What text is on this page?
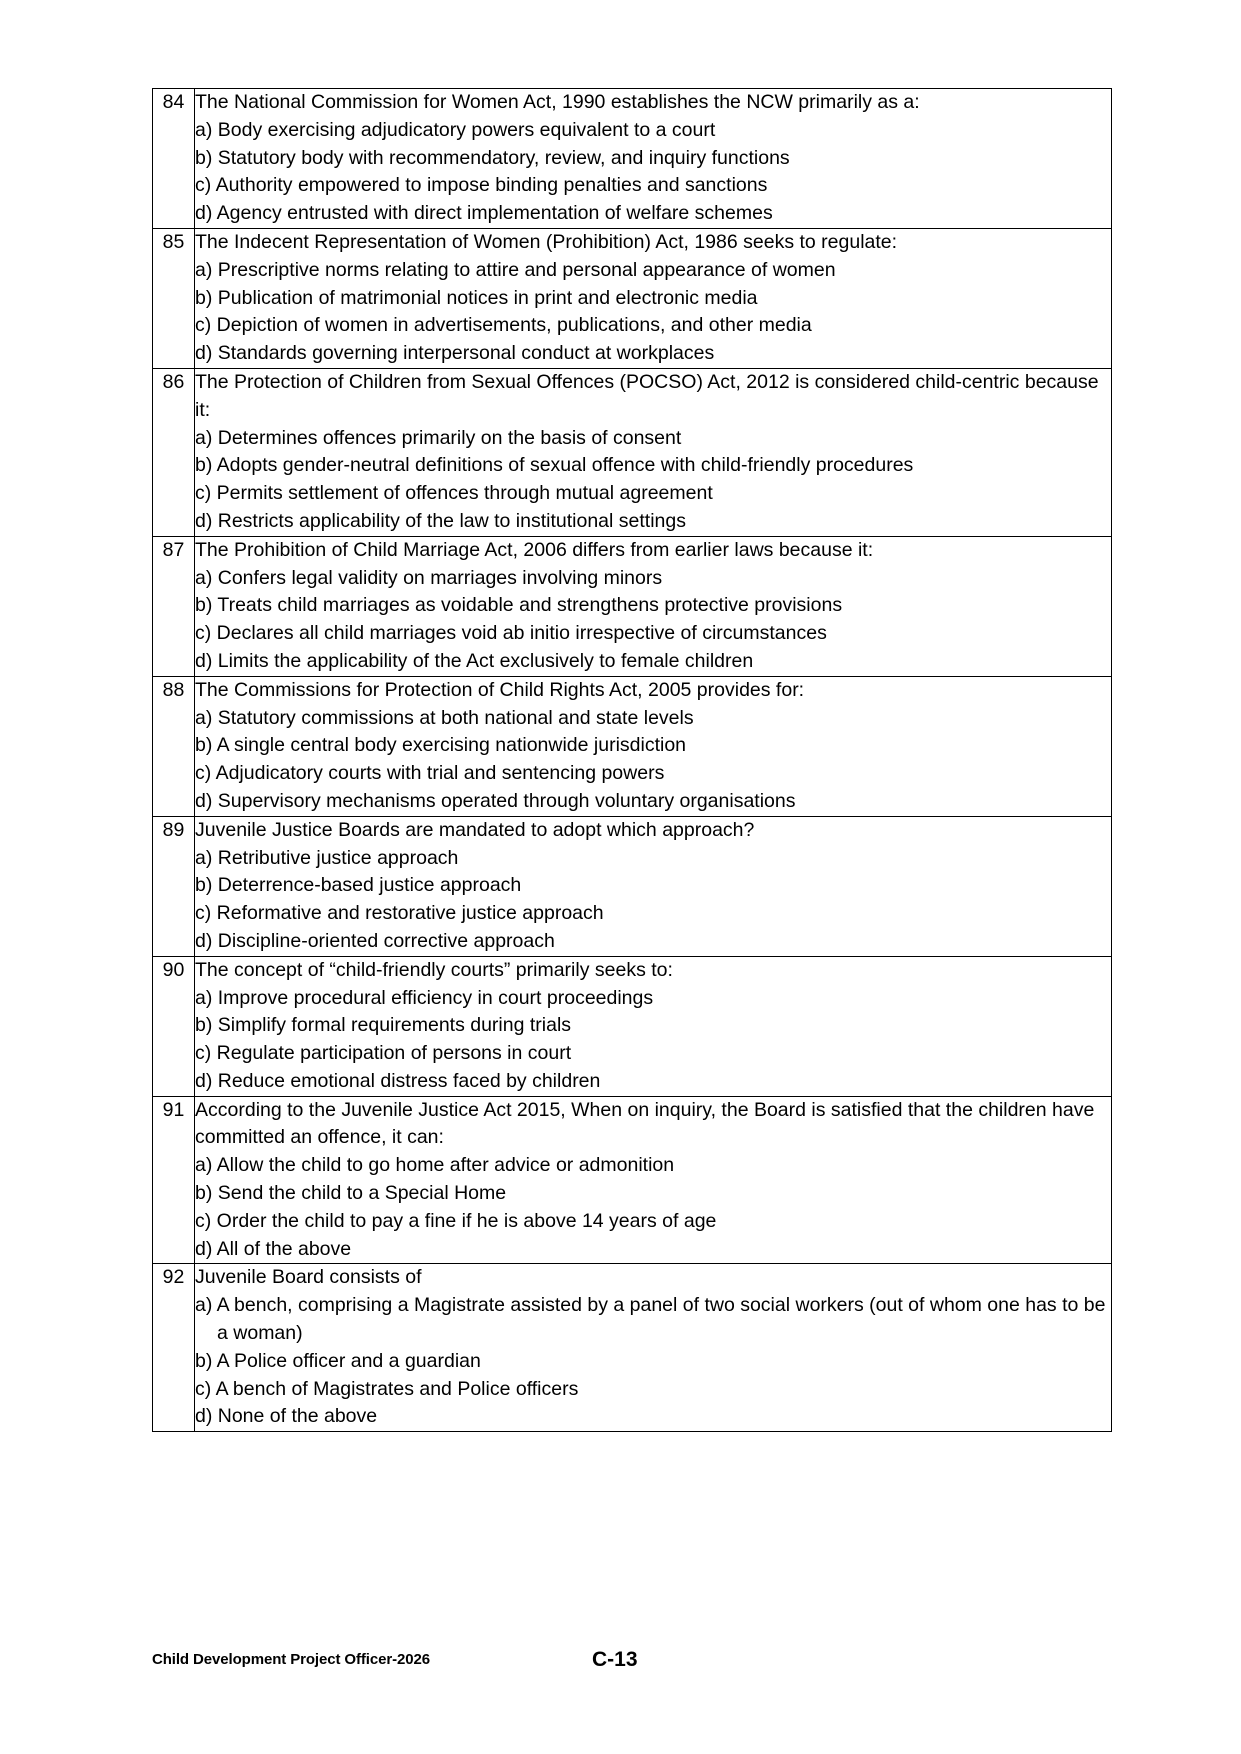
84	The National Commission for Women Act, 1990 establishes the NCW primarily as a:
a) Body exercising adjudicatory powers equivalent to a court
b) Statutory body with recommendatory, review, and inquiry functions
c) Authority empowered to impose binding penalties and sanctions
d) Agency entrusted with direct implementation of welfare schemes

85	The Indecent Representation of Women (Prohibition) Act, 1986 seeks to regulate:
a) Prescriptive norms relating to attire and personal appearance of women
b) Publication of matrimonial notices in print and electronic media
c) Depiction of women in advertisements, publications, and other media
d) Standards governing interpersonal conduct at workplaces

86	The Protection of Children from Sexual Offences (POCSO) Act, 2012 is considered child-centric because it:
a) Determines offences primarily on the basis of consent
b) Adopts gender-neutral definitions of sexual offence with child-friendly procedures
c) Permits settlement of offences through mutual agreement
d) Restricts applicability of the law to institutional settings

87	The Prohibition of Child Marriage Act, 2006 differs from earlier laws because it:
a) Confers legal validity on marriages involving minors
b) Treats child marriages as voidable and strengthens protective provisions
c) Declares all child marriages void ab initio irrespective of circumstances
d) Limits the applicability of the Act exclusively to female children

88	The Commissions for Protection of Child Rights Act, 2005 provides for:
a) Statutory commissions at both national and state levels
b) A single central body exercising nationwide jurisdiction
c) Adjudicatory courts with trial and sentencing powers
d) Supervisory mechanisms operated through voluntary organisations

89	Juvenile Justice Boards are mandated to adopt which approach?
a) Retributive justice approach
b) Deterrence-based justice approach
c) Reformative and restorative justice approach
d) Discipline-oriented corrective approach

90	The concept of “child-friendly courts” primarily seeks to:
a) Improve procedural efficiency in court proceedings
b) Simplify formal requirements during trials
c) Regulate participation of persons in court
d) Reduce emotional distress faced by children

91	According to the Juvenile Justice Act 2015, When on inquiry, the Board is satisfied that the children have committed an offence, it can:
a) Allow the child to go home after advice or admonition
b) Send the child to a Special Home
c) Order the child to pay a fine if he is above 14 years of age
d) All of the above

92	Juvenile Board consists of
a) A bench, comprising a Magistrate assisted by a panel of two social workers (out of whom one has to be a woman)
b) A Police officer and a guardian
c) A bench of Magistrates and Police officers
d) None of the above
Child Development Project Officer-2026	C-13
